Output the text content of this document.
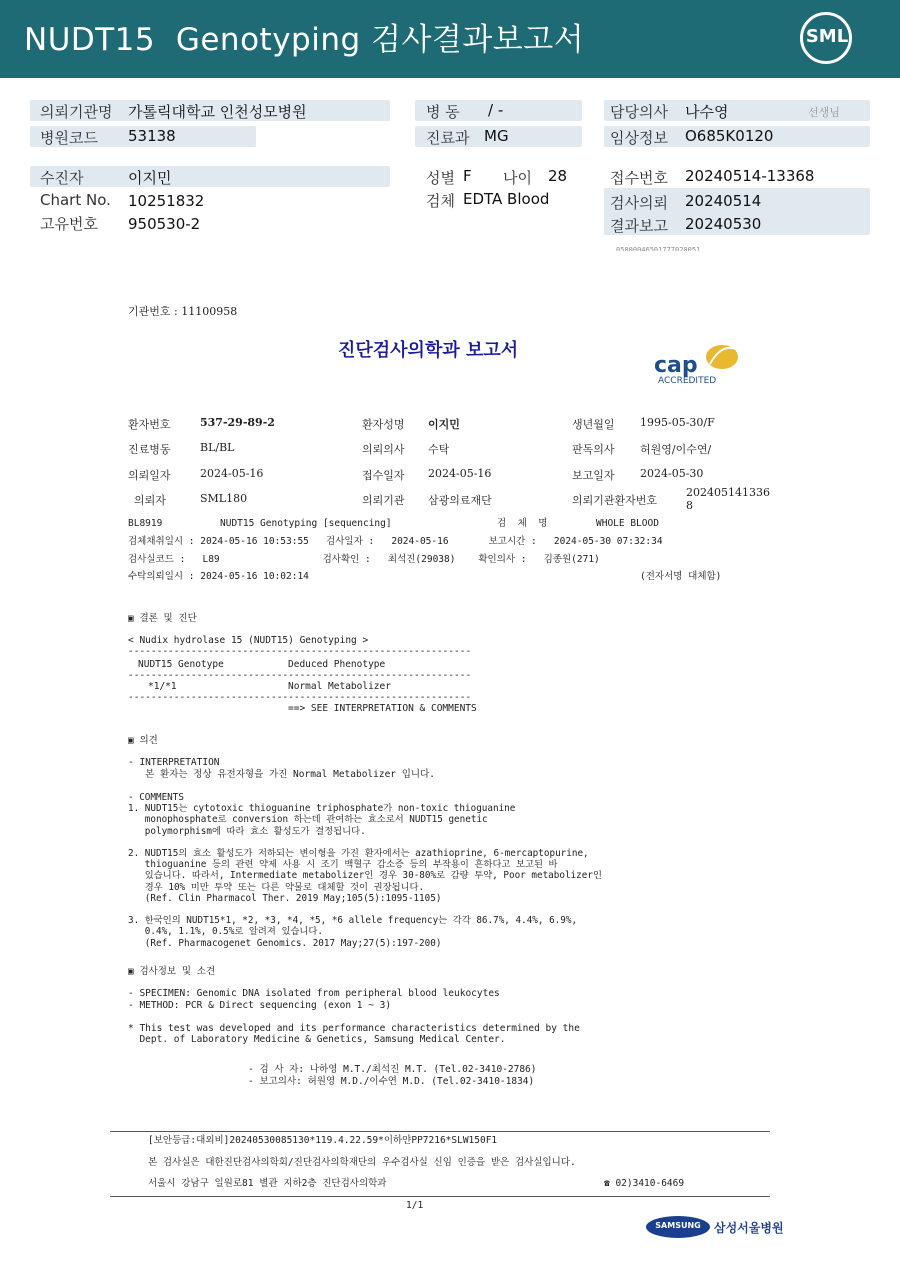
NUDT15  Genotyping 검사결과보고서	SML
의뢰기관명 가톨릭대학교 인천성모병원	병 동 / -	담당의사 나수영	선생님
병원코드 53138	진료과 MG	임상정보 O685K0120
수진자	이지민	성별 F 나이 28	접수번호 20240514-13368
Chart No. 10251832	검체 EDTA Blood	검사의뢰 20240514
고유번호 950530-2	결과보고 20240530
05000046501777020051
기관번호 : 11100958
진단검사의학과 보고서
cap
ACCREDITED
환자번호	537-29-89-2	환자성명 이지민	생년월일 1995-05-30/F
진료병동	BL/BL	의뢰의사 수탁	판독의사 허원영/이수연/
의뢰일자	2024-05-16	접수일자 2024-05-16	보고일자 2024-05-30
의뢰자	SML180	의뢰기관 삼광의료재단	의뢰기관환자번호
202405141336
8
BL8919	NUDT15 Genotyping [sequencing]	검  체  명	WHOLE BLOOD
검체채취일시 : 2024-05-16 10:53:55   검사일자 :   2024-05-16       보고시간 :   2024-05-30 07:32:34
검사실코드 :   L89                  검사확인 :   최석진(29038)    확인의사 :   김종원(271)
수탁의뢰일시 : 2024-05-16 10:02:14	(전자서명 대체함)
▣ 결론 및 진단
< Nudix hydrolase 15 (NUDT15) Genotyping >
------------------------------------------------------------
NUDT15 Genotype	Deduced Phenotype
------------------------------------------------------------
*1/*1	Normal Metabolizer
------------------------------------------------------------
==> SEE INTERPRETATION & COMMENTS
▣ 의견
- INTERPRETATION
본 환자는 정상 유전자형을 가진 Normal Metabolizer 입니다.
- COMMENTS
1. NUDT15는 cytotoxic thioguanine triphosphate가 non-toxic thioguanine
monophosphate로 conversion 하는데 관여하는 효소로서 NUDT15 genetic
polymorphism에 따라 효소 활성도가 결정됩니다.

2. NUDT15의 효소 활성도가 저하되는 변이형을 가진 환자에서는 azathioprine, 6-mercaptopurine,
thioguanine 등의 관련 약제 사용 시 조기 백혈구 감소증 등의 부작용이 흔하다고 보고된 바
있습니다. 따라서, Intermediate metabolizer인 경우 30-80%로 감량 투약, Poor metabolizer인
경우 10% 미만 투약 또는 다른 약물로 대체할 것이 권장됩니다.
(Ref. Clin Pharmacol Ther. 2019 May;105(5):1095-1105)

3. 한국인의 NUDT15*1, *2, *3, *4, *5, *6 allele frequency는 각각 86.7%, 4.4%, 6.9%,
0.4%, 1.1%, 0.5%로 알려져 있습니다.
(Ref. Pharmacogenet Genomics. 2017 May;27(5):197-200)
▣ 검사정보 및 소견
- SPECIMEN: Genomic DNA isolated from peripheral blood leukocytes
- METHOD: PCR & Direct sequencing (exon 1 ~ 3)

* This test was developed and its performance characteristics determined by the
Dept. of Laboratory Medicine & Genetics, Samsung Medical Center.
- 검 사 자: 나하영 M.T./최석진 M.T. (Tel.02-3410-2786)
- 보고의사: 허원영 M.D./이수연 M.D. (Tel.02-3410-1834)
[보안등급:대외비]20240530085130*119.4.22.59*이하얀PP7216*SLW150F1
본 검사실은 대한진단검사의학회/진단검사의학재단의 우수검사실 신임 인증을 받은 검사실입니다.
서울시 강남구 일원로81 별관 지하2층 진단검사의학과	☎ 02)3410-6469
1/1
SAMSUNG	삼성서울병원
